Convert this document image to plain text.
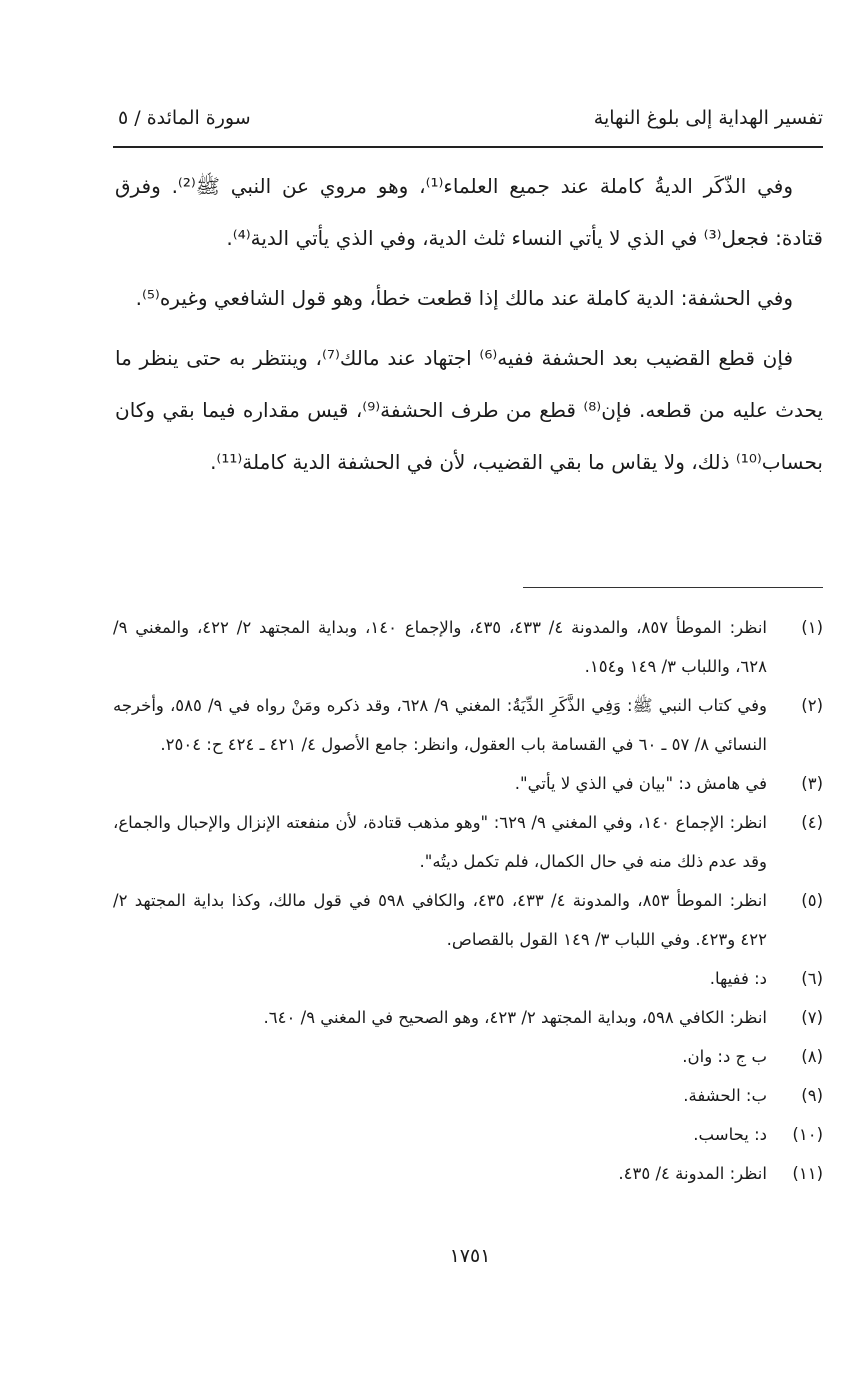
تفسير الهداية إلى بلوغ النهاية
سورة المائدة / ٥

وفي الذّكَر الديةُ كاملة عند جميع العلماء⁽¹⁾، وهو مروي عن النبي ﷺ⁽²⁾. وفرق قتادة: فجعل⁽³⁾ في الذي لا يأتي النساء ثلث الدية، وفي الذي يأتي الدية⁽⁴⁾.

وفي الحشفة: الدية كاملة عند مالك إذا قطعت خطأ، وهو قول الشافعي وغيره⁽⁵⁾.

فإن قطع القضيب بعد الحشفة ففيه⁽⁶⁾ اجتهاد عند مالك⁽⁷⁾، وينتظر به حتى ينظر ما يحدث عليه من قطعه. فإن⁽⁸⁾ قطع من طرف الحشفة⁽⁹⁾، قيس مقداره فيما بقي وكان بحساب⁽¹⁰⁾ ذلك، ولا يقاس ما بقي القضيب، لأن في الحشفة الدية كاملة⁽¹¹⁾.

(١)
انظر: الموطأ ٨٥٧، والمدونة ٤/ ٤٣٣، ٤٣٥، والإجماع ١٤٠، وبداية المجتهد ٢/ ٤٢٢، والمغني ٩/ ٦٢٨، واللباب ٣/ ١٤٩ و١٥٤.
(٢)
وفي كتاب النبي ﷺ: وَفِي الذَّكَرِ الدِّيَةُ: المغني ٩/ ٦٢٨، وقد ذكره ومَنْ رواه في ٩/ ٥٨٥، وأخرجه النسائي ٨/ ٥٧ ـ ٦٠ في القسامة باب العقول، وانظر: جامع الأصول ٤/ ٤٢١ ـ ٤٢٤ ح: ٢٥٠٤.
(٣)
في هامش د: "بيان في الذي لا يأتي".
(٤)
انظر: الإجماع ١٤٠، وفي المغني ٩/ ٦٢٩: "وهو مذهب قتادة، لأن منفعته الإنزال والإحبال والجماع، وقد عدم ذلك منه في حال الكمال، فلم تكمل ديتُه".
(٥)
انظر: الموطأ ٨٥٣، والمدونة ٤/ ٤٣٣، ٤٣٥، والكافي ٥٩٨ في قول مالك، وكذا بداية المجتهد ٢/ ٤٢٢ و٤٢٣. وفي اللباب ٣/ ١٤٩ القول بالقصاص.
(٦)
د: ففيها.
(٧)
انظر: الكافي ٥٩٨، وبداية المجتهد ٢/ ٤٢٣، وهو الصحيح في المغني ٩/ ٦٤٠.
(٨)
ب ج د: وان.
(٩)
ب: الحشفة.
(١٠)
د: يحاسب.
(١١)
انظر: المدونة ٤/ ٤٣٥.
١٧٥١
